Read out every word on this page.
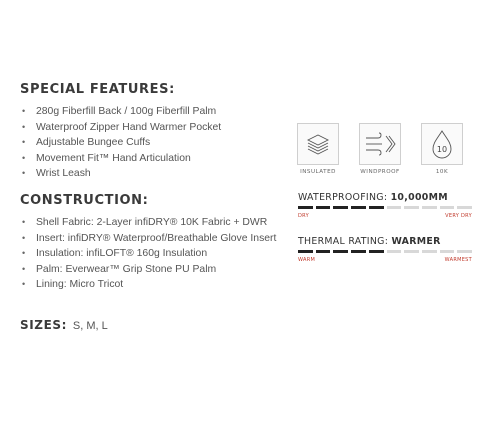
SPECIAL FEATURES:
• 280g Fiberfill Back / 100g Fiberfill Palm
• Waterproof Zipper Hand Warmer Pocket
• Adjustable Bungee Cuffs
• Movement Fit™ Hand Articulation
• Wrist Leash
CONSTRUCTION:
• Shell Fabric: 2-Layer infiDRY® 10K Fabric + DWR
• Insert: infiDRY® Waterproof/Breathable Glove Insert
• Insulation: infiLOFT® 160g Insulation
• Palm: Everwear™ Grip Stone PU Palm
• Lining: Micro Tricot
SIZES: S, M, L
INSULATED	WINDPROOF
10
10K
WATERPROOFING: 10,000MM
DRY	VERY DRY
THERMAL RATING: WARMER
WARM	WARMEST
